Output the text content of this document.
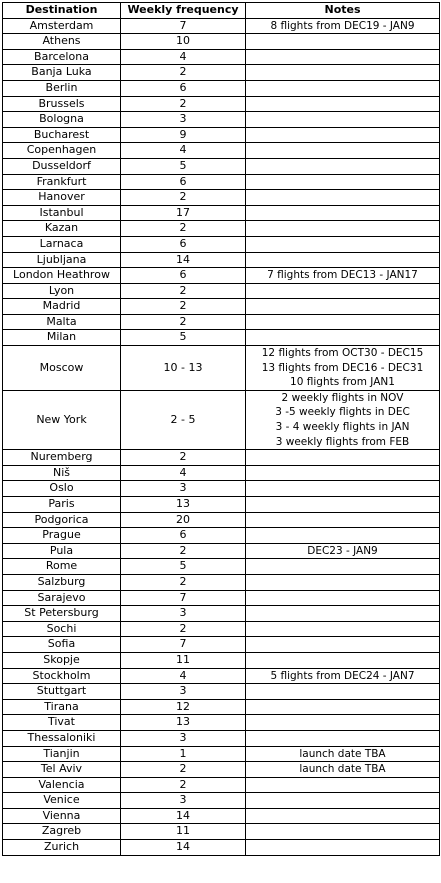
Destination	Weekly frequency	Notes
Amsterdam	7	8 flights from DEC19 - JAN9

Athens	10	
Barcelona	4	
Banja Luka	2	
Berlin	6	
Brussels	2	
Bologna	3	
Bucharest	9	
Copenhagen	4	
Dusseldorf	5	
Frankfurt	6	
Hanover	2	
Istanbul	17	
Kazan	2	
Larnaca	6	
Ljubljana	14	
London Heathrow	6	7 flights from DEC13 - JAN17

Lyon	2	
Madrid	2	
Malta	2	
Milan	5	
Moscow	10 - 13	12 flights from OCT30 - DEC15
13 flights from DEC16 - DEC31
10 flights from JAN1

New York	2 - 5	2 weekly flights in NOV
3 -5 weekly flights in DEC
3 - 4 weekly flights in JAN
3 weekly flights from FEB

Nuremberg	2	
Niš	4	
Oslo	3	
Paris	13	
Podgorica	20	
Prague	6	
Pula	2	DEC23 - JAN9

Rome	5	
Salzburg	2	
Sarajevo	7	
St Petersburg	3	
Sochi	2	
Sofia	7	
Skopje	11	
Stockholm	4	5 flights from DEC24 - JAN7

Stuttgart	3	
Tirana	12	
Tivat	13	
Thessaloniki	3	
Tianjin	1	launch date TBA

Tel Aviv	2	launch date TBA

Valencia	2	
Venice	3	
Vienna	14	
Zagreb	11	
Zurich	14	
